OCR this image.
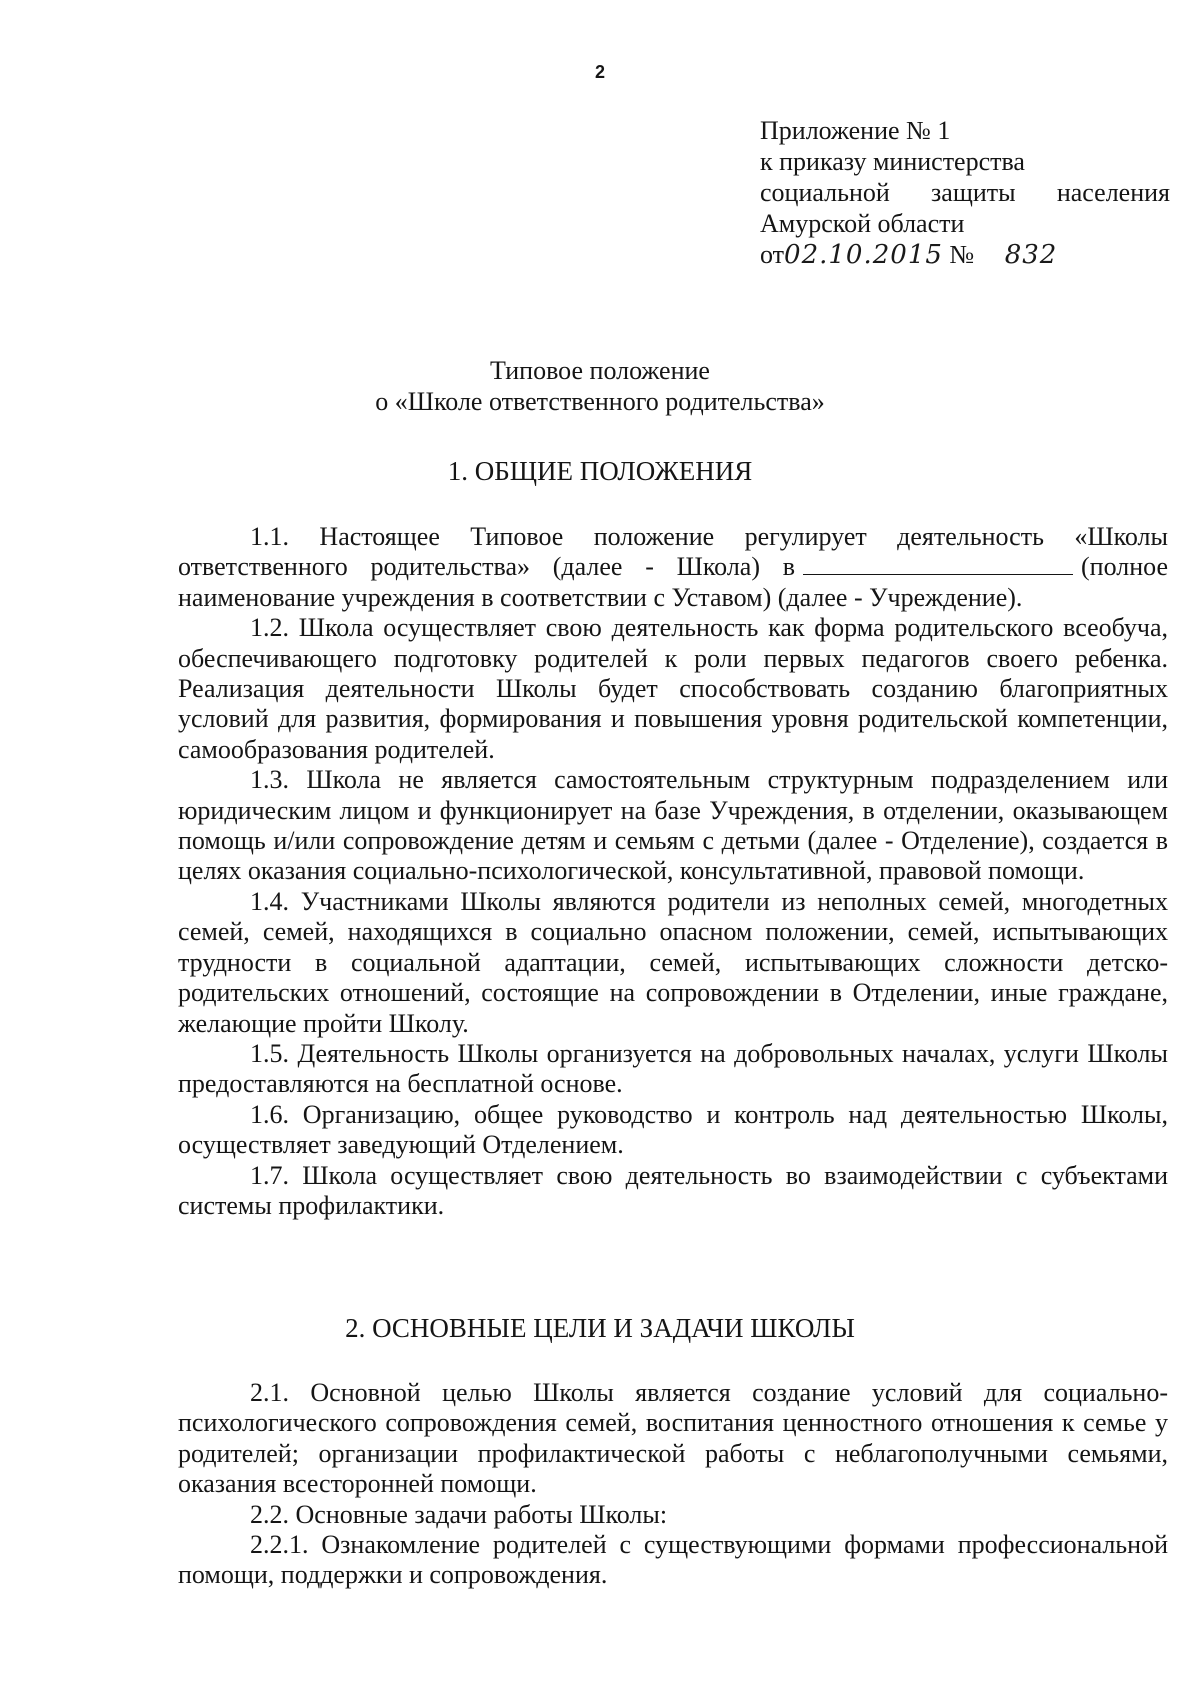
2
Приложение № 1
к приказу министерства
социальной защиты населения
Амурской области
от02.10.2015 № 832
Типовое положение
о «Школе ответственного родительства»
1. ОБЩИЕ ПОЛОЖЕНИЯ

1.1. Настоящее Типовое положение регулирует деятельность «Школы ответственного родительства» (далее - Школа) в	(полное наименование учреждения в соответствии с Уставом) (далее - Учреждение).

1.2. Школа осуществляет свою деятельность как форма родительского всеобуча, обеспечивающего подготовку родителей к роли первых педагогов своего ребенка. Реализация деятельности Школы будет способствовать созданию благоприятных условий для развития, формирования и повышения уровня родительской компетенции, самообразования родителей.

1.3. Школа не является самостоятельным структурным подразделением или юридическим лицом и функционирует на базе Учреждения, в отделении, оказывающем помощь и/или сопровождение детям и семьям с детьми (далее - Отделение), создается в целях оказания социально-психологической, консультативной, правовой помощи.

1.4. Участниками Школы являются родители из неполных семей, многодетных семей, семей, находящихся в социально опасном положении, семей, испытывающих трудности в социальной адаптации, семей, испытывающих сложности детско-родительских отношений, состоящие на сопровождении в Отделении, иные граждане, желающие пройти Школу.

1.5. Деятельность Школы организуется на добровольных началах, услуги Школы предоставляются на бесплатной основе.

1.6. Организацию, общее руководство и контроль над деятельностью Школы, осуществляет заведующий Отделением.

1.7. Школа осуществляет свою деятельность во взаимодействии с субъектами системы профилактики.

2. ОСНОВНЫЕ ЦЕЛИ И ЗАДАЧИ ШКОЛЫ

2.1. Основной целью Школы является создание условий для социально-психологического сопровождения семей, воспитания ценностного отношения к семье у родителей; организации профилактической работы с неблагополучными семьями, оказания всесторонней помощи.

2.2. Основные задачи работы Школы:

2.2.1. Ознакомление родителей с существующими формами профессиональной помощи, поддержки и сопровождения.
